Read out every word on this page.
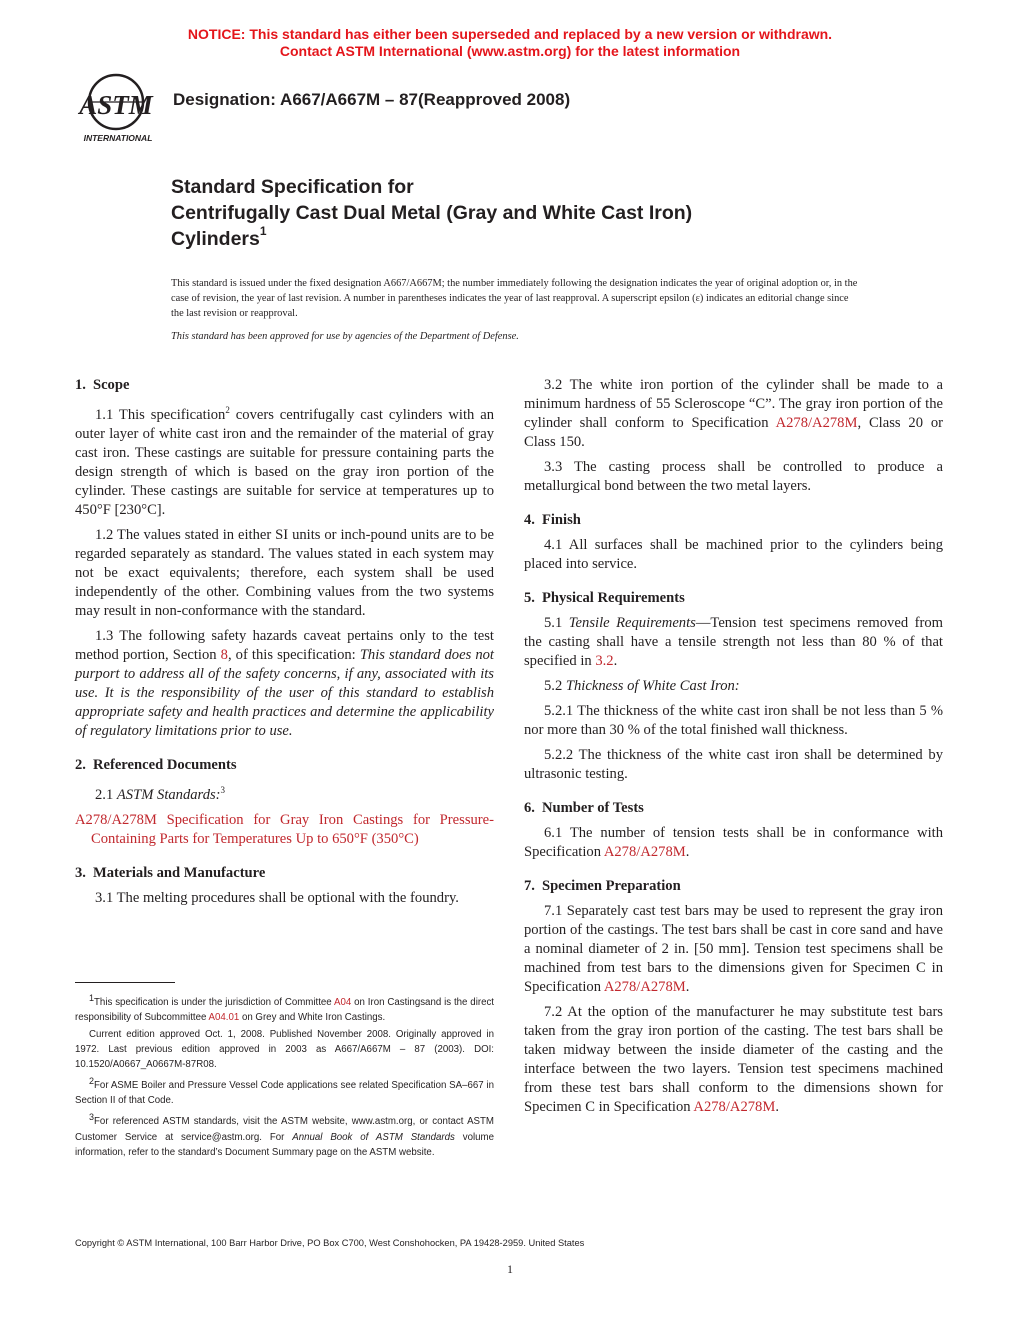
NOTICE: This standard has either been superseded and replaced by a new version or withdrawn.
Contact ASTM International (www.astm.org) for the latest information
ASTM
INTERNATIONAL
Designation: A667/A667M – 87(Reapproved 2008)
Standard Specification for
Centrifugally Cast Dual Metal (Gray and White Cast Iron)
Cylinders$^1$
This standard is issued under the fixed designation A667/A667M; the number immediately following the designation indicates the year of original adoption or, in the case of revision, the year of last revision. A number in parentheses indicates the year of last reapproval. A superscript epsilon (ε) indicates an editorial change since the last revision or reapproval.
This standard has been approved for use by agencies of the Department of Defense.
1. Scope

1.1 This specification$^2$ covers centrifugally cast cylinders with an outer layer of white cast iron and the remainder of the material of gray cast iron. These castings are suitable for pressure containing parts the design strength of which is based on the gray iron portion of the cylinder. These castings are suitable for service at temperatures up to 450°F [230°C].

1.2 The values stated in either SI units or inch-pound units are to be regarded separately as standard. The values stated in each system may not be exact equivalents; therefore, each system shall be used independently of the other. Combining values from the two systems may result in non-conformance with the standard.

1.3 The following safety hazards caveat pertains only to the test method portion, Section 8, of this specification: This standard does not purport to address all of the safety concerns, if any, associated with its use. It is the responsibility of the user of this standard to establish appropriate safety and health practices and determine the applicability of regulatory limitations prior to use.

2. Referenced Documents

2.1 ASTM Standards:$^3$

A278/A278M Specification for Gray Iron Castings for Pressure-Containing Parts for Temperatures Up to 650°F (350°C)
3. Materials and Manufacture

3.1 The melting procedures shall be optional with the foundry.

3.2 The white iron portion of the cylinder shall be made to a minimum hardness of 55 Scleroscope “C”. The gray iron portion of the cylinder shall conform to Specification A278/A278M, Class 20 or Class 150.

3.3 The casting process shall be controlled to produce a metallurgical bond between the two metal layers.

4. Finish

4.1 All surfaces shall be machined prior to the cylinders being placed into service.

5. Physical Requirements

5.1 Tensile Requirements—Tension test specimens removed from the casting shall have a tensile strength not less than 80 % of that specified in 3.2.

5.2 Thickness of White Cast Iron:

5.2.1 The thickness of the white cast iron shall be not less than 5 % nor more than 30 % of the total finished wall thickness.

5.2.2 The thickness of the white cast iron shall be determined by ultrasonic testing.

6. Number of Tests

6.1 The number of tension tests shall be in conformance with Specification A278/A278M.

7. Specimen Preparation

7.1 Separately cast test bars may be used to represent the gray iron portion of the castings. The test bars shall be cast in core sand and have a nominal diameter of 2 in. [50 mm]. Tension test specimens shall be machined from test bars to the dimensions given for Specimen C in Specification A278/A278M.

7.2 At the option of the manufacturer he may substitute test bars taken from the gray iron portion of the casting. The test bars shall be taken midway between the inside diameter of the casting and the interface between the two layers. Tension test specimens machined from these test bars shall conform to the dimensions shown for Specimen C in Specification A278/A278M.

$^1$This specification is under the jurisdiction of Committee A04 on Iron Castingsand is the direct responsibility of Subcommittee A04.01 on Grey and White Iron Castings.

Current edition approved Oct. 1, 2008. Published November 2008. Originally approved in 1972. Last previous edition approved in 2003 as A667/A667M – 87 (2003). DOI: 10.1520/A0667_A0667M-87R08.

$^2$For ASME Boiler and Pressure Vessel Code applications see related Specification SA–667 in Section II of that Code.

$^3$For referenced ASTM standards, visit the ASTM website, www.astm.org, or contact ASTM Customer Service at service@astm.org. For Annual Book of ASTM Standards volume information, refer to the standard’s Document Summary page on the ASTM website.

Copyright © ASTM International, 100 Barr Harbor Drive, PO Box C700, West Conshohocken, PA 19428-2959. United States
1
